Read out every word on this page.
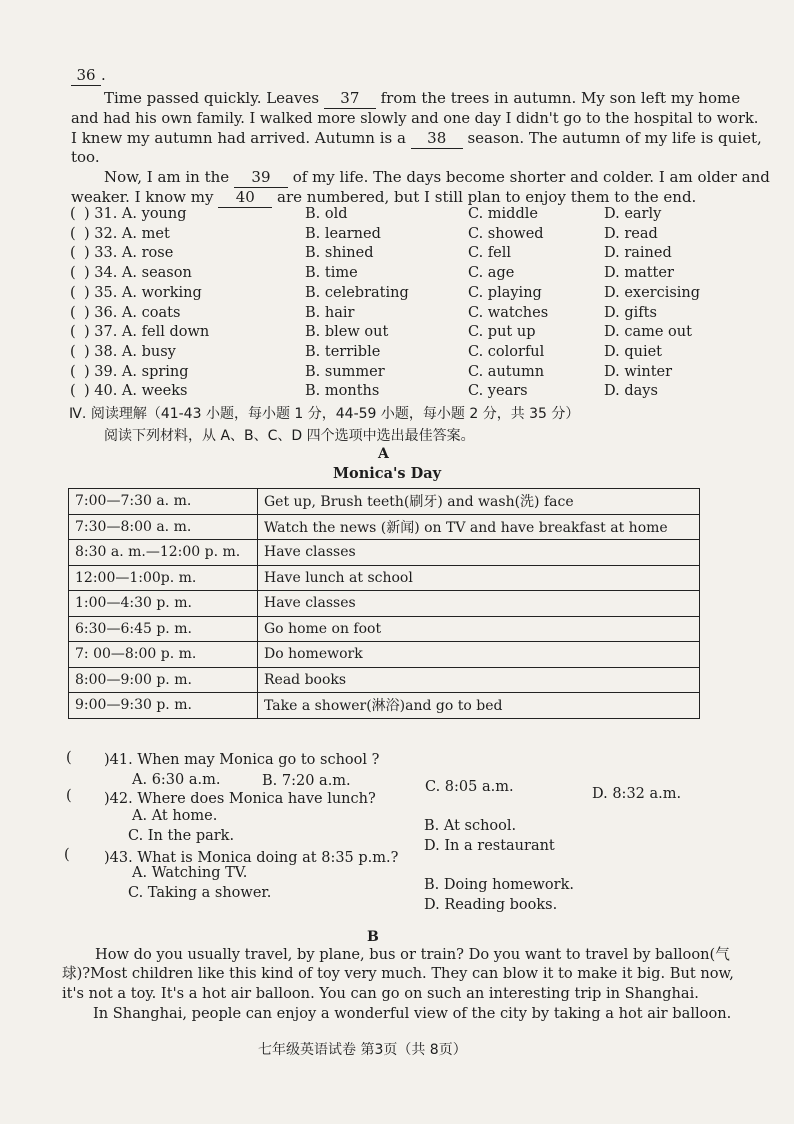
36 .
Time passed quickly. Leaves 37 from the trees in autumn. My son left my home
and had his own family. I walked more slowly and one day I didn't go to the hospital to work.
I knew my autumn had arrived. Autumn is a 38 season. The autumn of my life is quiet,
too.
Now, I am in the 39 of my life. The days become shorter and colder. I am older and
weaker. I know my 40 are numbered, but I still plan to enjoy them to the end.
( ) 31. A. young	B. old	C. middle	D. early
( ) 32. A. met	B. learned	C. showed	D. read
( ) 33. A. rose	B. shined	C. fell	D. rained
( ) 34. A. season	B. time	C. age	D. matter
( ) 35. A. working	B. celebrating	C. playing	D. exercising
( ) 36. A. coats	B. hair	C. watches	D. gifts
( ) 37. A. fell down	B. blew out	C. put up	D. came out
( ) 38. A. busy	B. terrible	C. colorful	D. quiet
( ) 39. A. spring	B. summer	C. autumn	D. winter
( ) 40. A. weeks	B. months	C. years	D. days
Ⅳ. 阅读理解（41-43 小题，每小题 1 分，44-59 小题，每小题 2 分，共 35 分）
阅读下列材料，从 A、B、C、D 四个选项中选出最佳答案。
A
Monica's Day
7:00—7:30 a. m.	Get up, Brush teeth(刷牙) and wash(洗) face
7:30—8:00 a. m.	Watch the news (新闻) on TV and have breakfast at home
8:30 a. m.—12:00 p. m.	Have classes
12:00—1:00p. m.	Have lunch at school
1:00—4:30 p. m.	Have classes
6:30—6:45 p. m.	Go home on foot
7: 00—8:00 p. m.	Do homework
8:00—9:00 p. m.	Read books
9:00—9:30 p. m.	Take a shower(淋浴)and go to bed
( )41. When may Monica go to school ?
A. 6:30 a.m.	B. 7:20 a.m.	C. 8:05 a.m.	D. 8:32 a.m.
( )42. Where does Monica have lunch?
A. At home.
B. At school.
C. In the park.
D. In a restaurant
( )43. What is Monica doing at 8:35 p.m.?
A. Watching TV.
B. Doing homework.
C. Taking a shower.
D. Reading books.
B
How do you usually travel, by plane, bus or train? Do you want to travel by balloon(气
球)?Most children like this kind of toy very much. They can blow it to make it big. But now,
it's not a toy. It's a hot air balloon. You can go on such an interesting trip in Shanghai.
In Shanghai, people can enjoy a wonderful view of the city by taking a hot air balloon.
七年级英语试卷 第3页（共 8页）
